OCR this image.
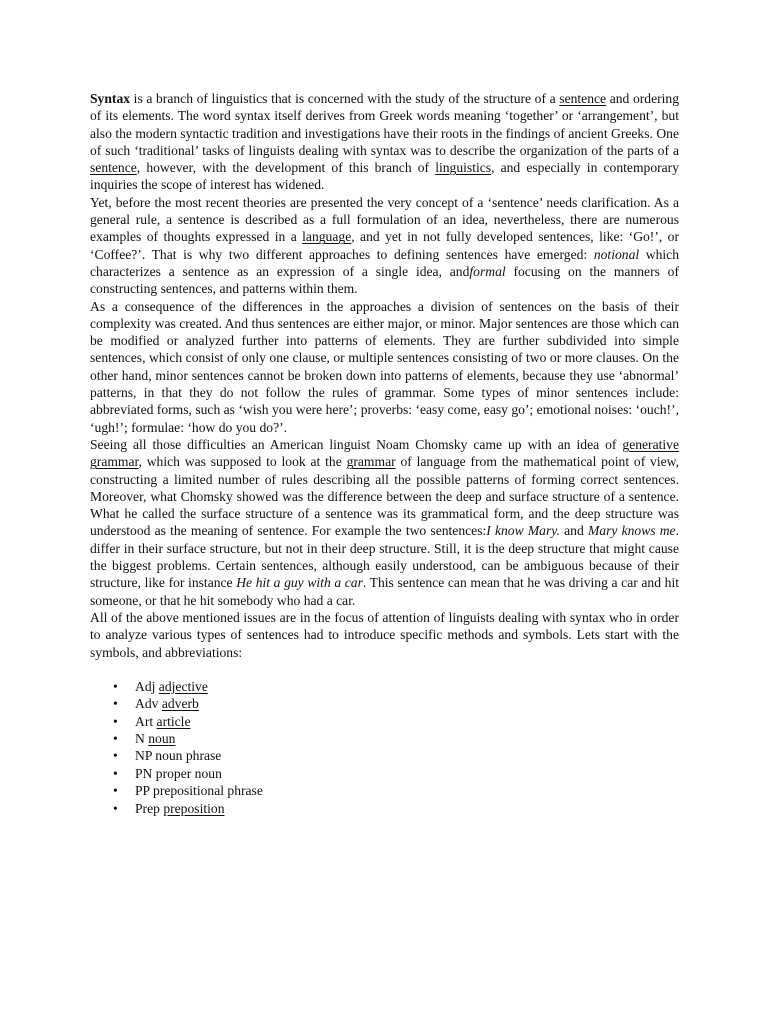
Syntax is a branch of linguistics that is concerned with the study of the structure of a sentence and ordering of its elements. The word syntax itself derives from Greek words meaning ‘together’ or ‘arrangement’, but also the modern syntactic tradition and investigations have their roots in the findings of ancient Greeks. One of such ‘traditional’ tasks of linguists dealing with syntax was to describe the organization of the parts of a sentence, however, with the development of this branch of linguistics, and especially in contemporary inquiries the scope of interest has widened.

Yet, before the most recent theories are presented the very concept of a ‘sentence’ needs clarification. As a general rule, a sentence is described as a full formulation of an idea, nevertheless, there are numerous examples of thoughts expressed in a language, and yet in not fully developed sentences, like: ‘Go!’, or ‘Coffee?’. That is why two different approaches to defining sentences have emerged: notional which characterizes a sentence as an expression of a single idea, andformal focusing on the manners of constructing sentences, and patterns within them.

As a consequence of the differences in the approaches a division of sentences on the basis of their complexity was created. And thus sentences are either major, or minor. Major sentences are those which can be modified or analyzed further into patterns of elements. They are further subdivided into simple sentences, which consist of only one clause, or multiple sentences consisting of two or more clauses. On the other hand, minor sentences cannot be broken down into patterns of elements, because they use ‘abnormal’ patterns, in that they do not follow the rules of grammar. Some types of minor sentences include: abbreviated forms, such as ‘wish you were here’; proverbs: ‘easy come, easy go’; emotional noises: ‘ouch!’, ‘ugh!’; formulae: ‘how do you do?’.

Seeing all those difficulties an American linguist Noam Chomsky came up with an idea of generative grammar, which was supposed to look at the grammar of language from the mathematical point of view, constructing a limited number of rules describing all the possible patterns of forming correct sentences. Moreover, what Chomsky showed was the difference between the deep and surface structure of a sentence. What he called the surface structure of a sentence was its grammatical form, and the deep structure was understood as the meaning of sentence. For example the two sentences:I know Mary. and Mary knows me. differ in their surface structure, but not in their deep structure. Still, it is the deep structure that might cause the biggest problems. Certain sentences, although easily understood, can be ambiguous because of their structure, like for instance He hit a guy with a car. This sentence can mean that he was driving a car and hit someone, or that he hit somebody who had a car.

All of the above mentioned issues are in the focus of attention of linguists dealing with syntax who in order to analyze various types of sentences had to introduce specific methods and symbols. Lets start with the symbols, and abbreviations:

• Adj adjective
• Adv adverb
• Art article
• N noun
• NP noun phrase
• PN proper noun
• PP prepositional phrase
• Prep preposition
